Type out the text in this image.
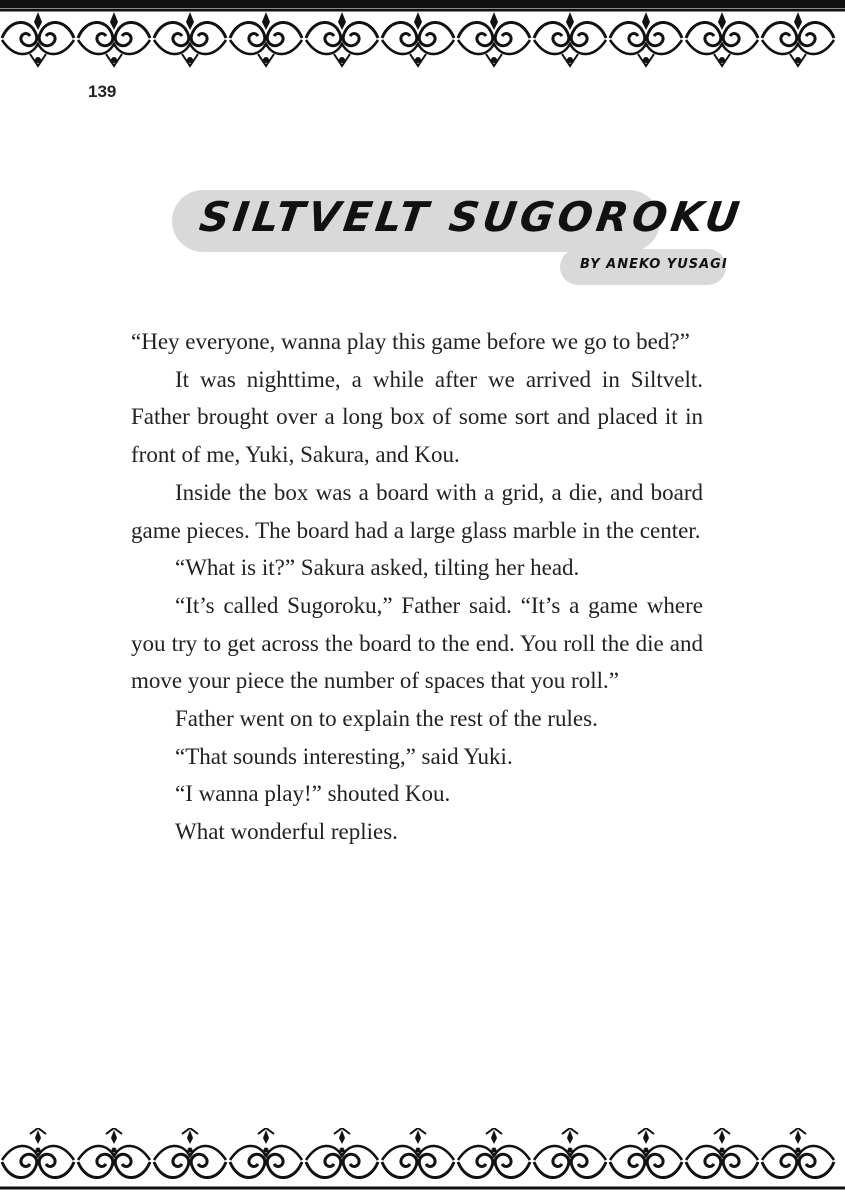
139
SILTVELT SUGOROKU
BY ANEKO YUSAGI

“Hey everyone, wanna play this game before we go to bed?”

It was nighttime, a while after we arrived in Siltvelt. Father brought over a long box of some sort and placed it in front of me, Yuki, Sakura, and Kou.

Inside the box was a board with a grid, a die, and board game pieces. The board had a large glass marble in the center.

“What is it?” Sakura asked, tilting her head.

“It’s called Sugoroku,” Father said. “It’s a game where you try to get across the board to the end. You roll the die and move your piece the number of spaces that you roll.”

Father went on to explain the rest of the rules.

“That sounds interesting,” said Yuki.

“I wanna play!” shouted Kou.

What wonderful replies.
